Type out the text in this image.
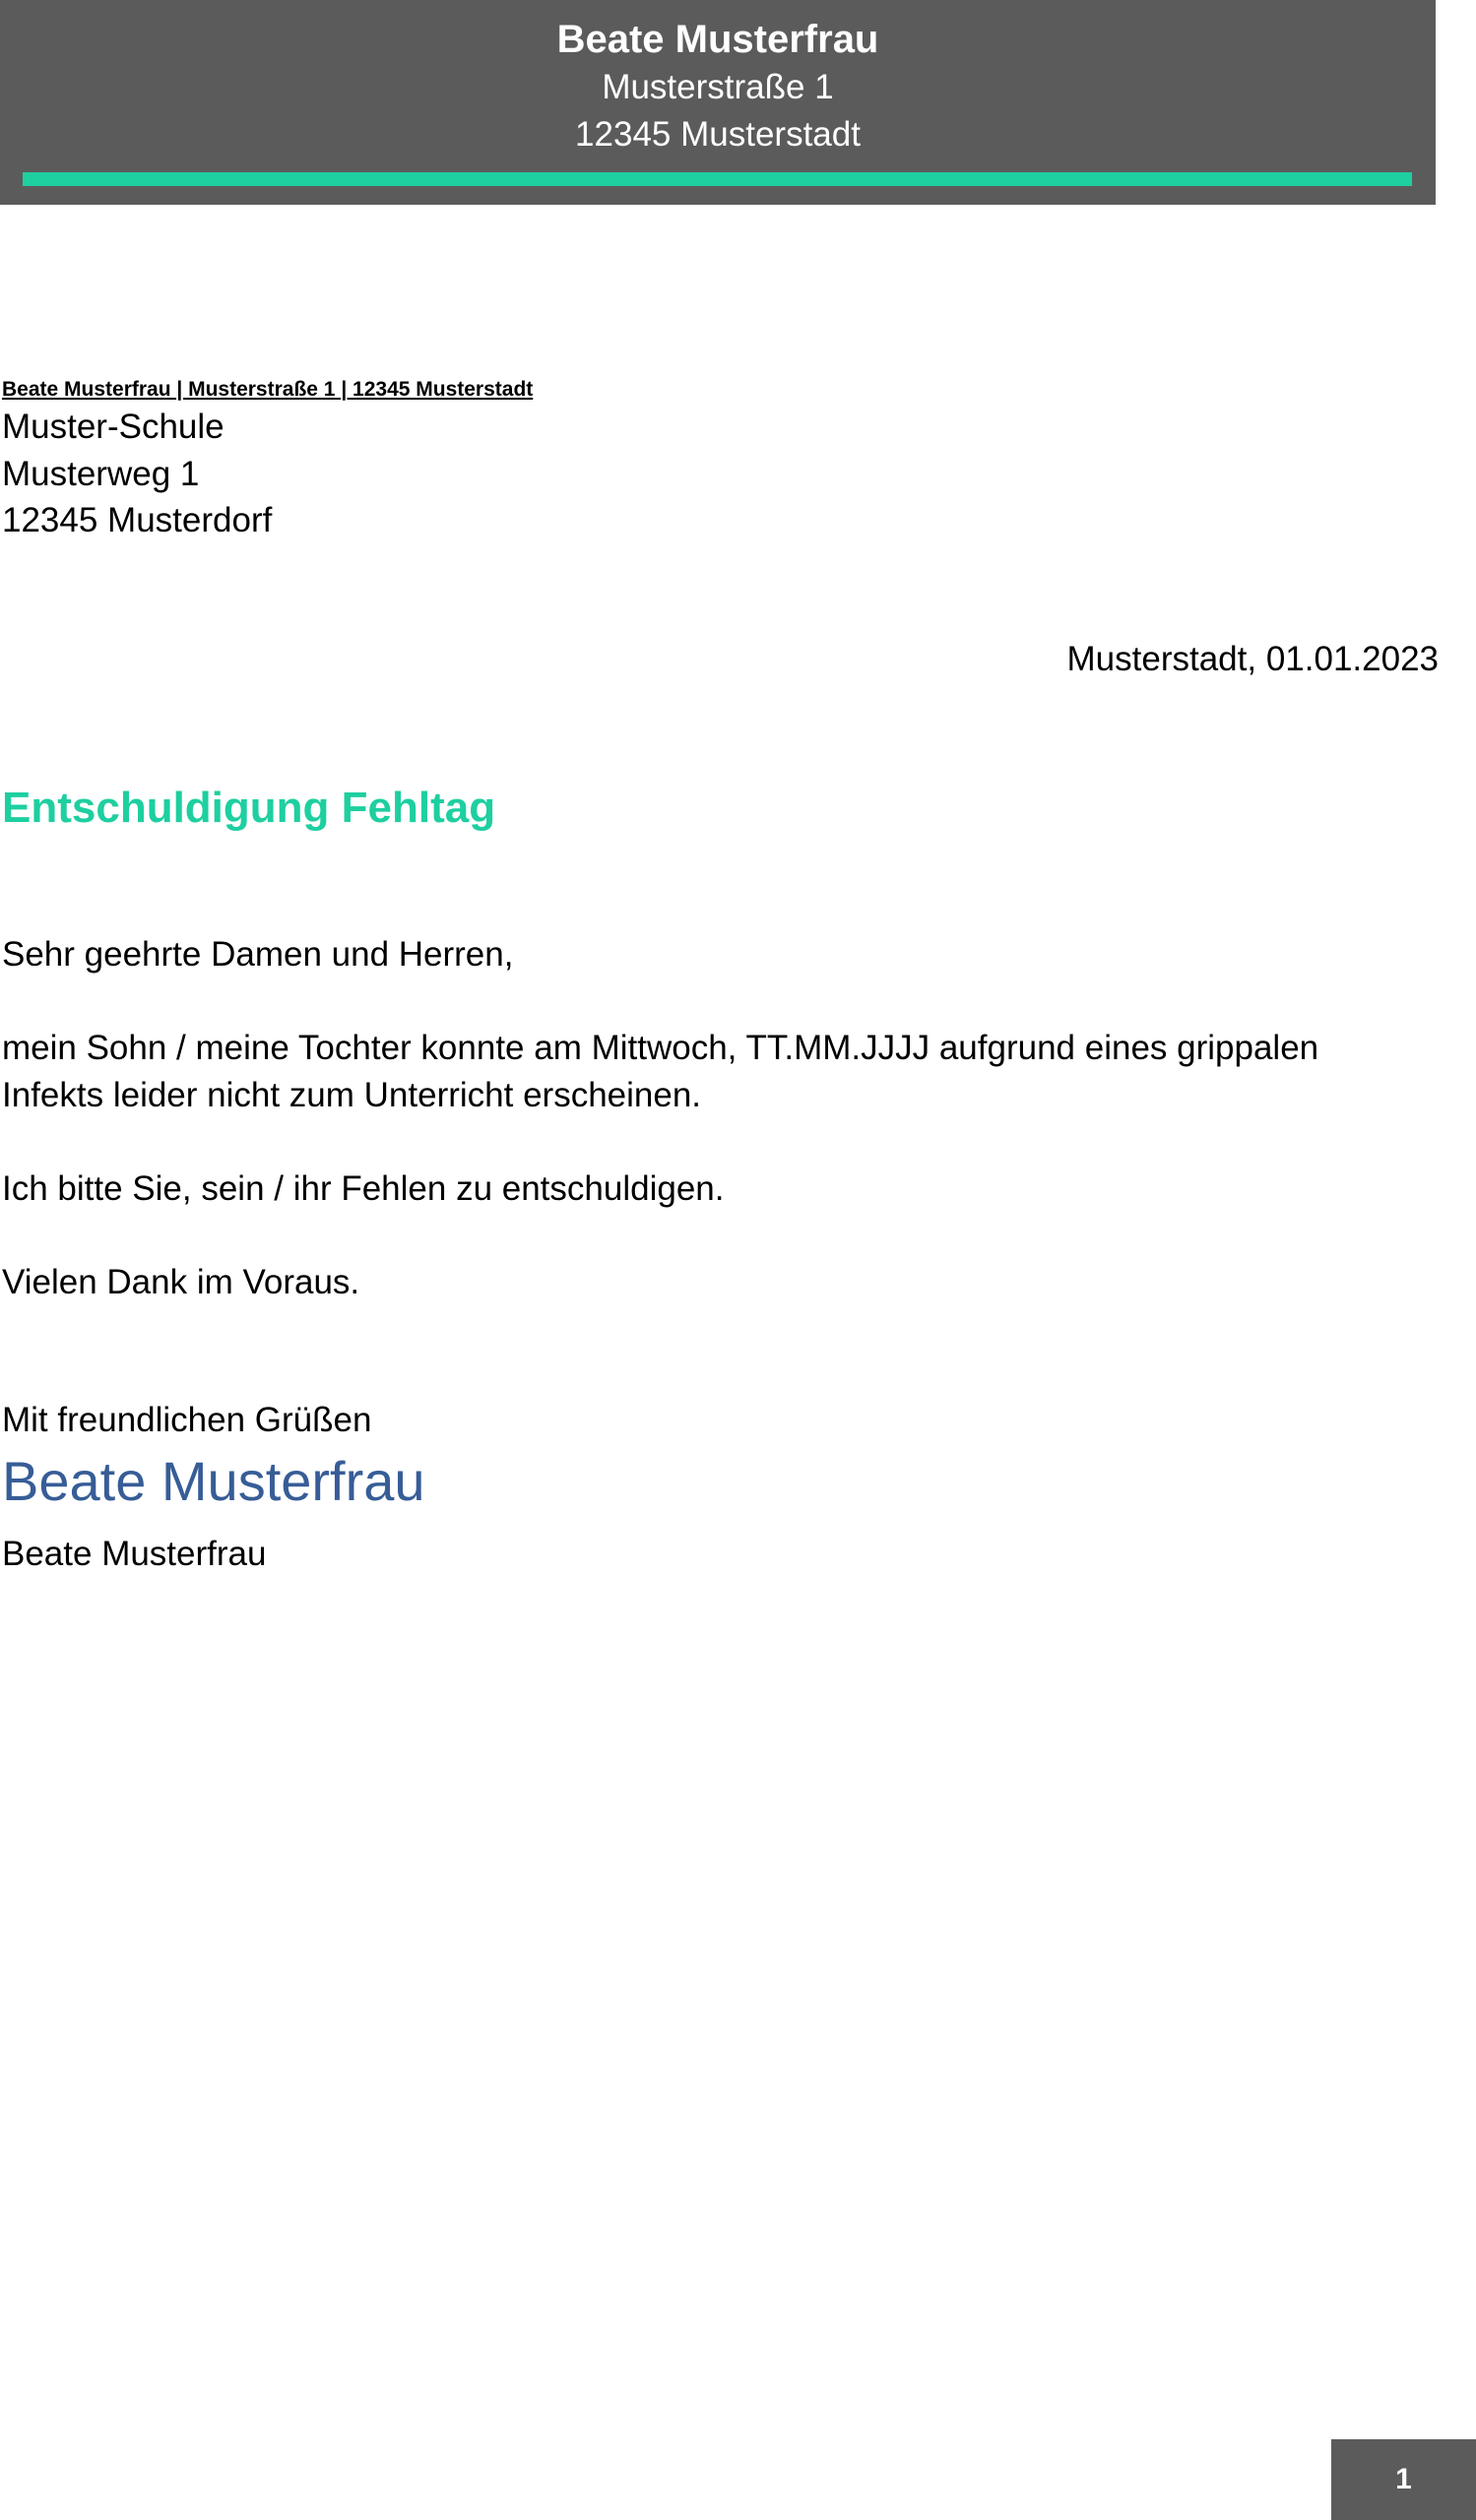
Beate Musterfrau
Musterstraße 1
12345 Musterstadt
Beate Musterfrau | Musterstraße 1 | 12345 Musterstadt
Muster-Schule
Musterweg 1
12345 Musterdorf
Musterstadt, 01.01.2023
Entschuldigung Fehltag

Sehr geehrte Damen und Herren,

mein Sohn / meine Tochter konnte am Mittwoch, TT.MM.JJJJ aufgrund eines grippalen Infekts leider nicht zum Unterricht erscheinen.

Ich bitte Sie, sein / ihr Fehlen zu entschuldigen.

Vielen Dank im Voraus.

Mit freundlichen Grüßen
Beate Musterfrau
Beate Musterfrau
1
